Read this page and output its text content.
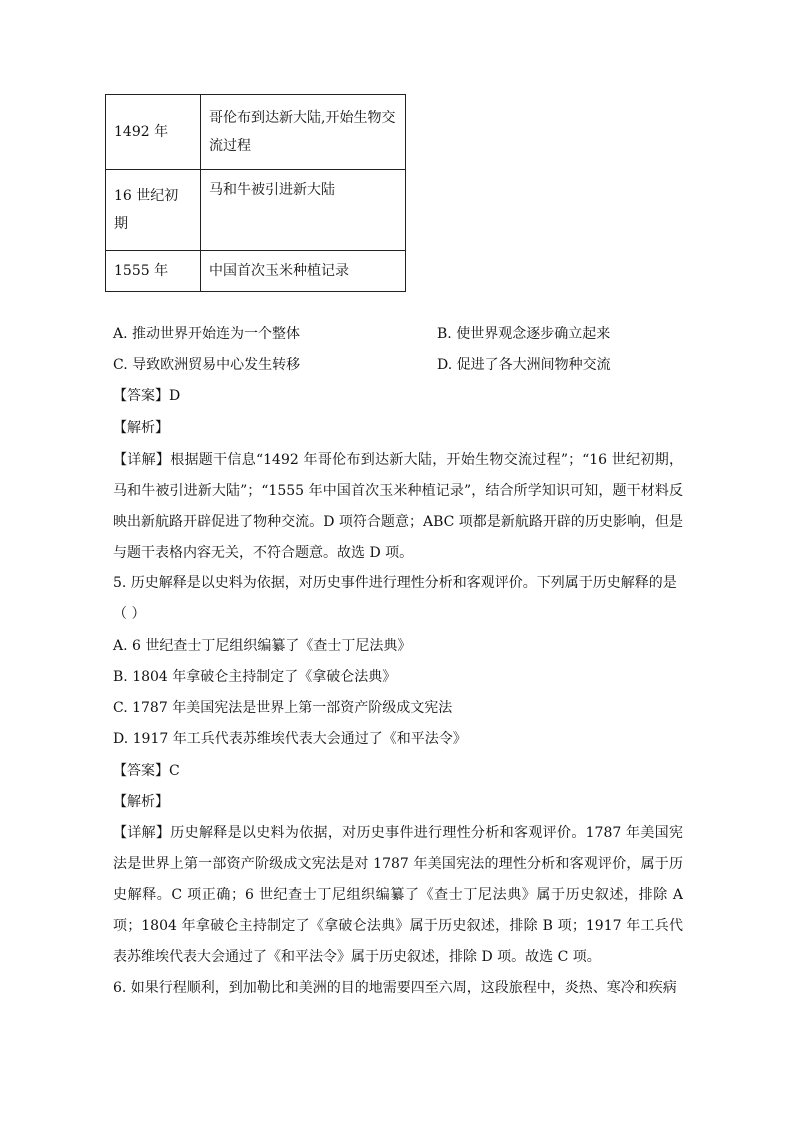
1492 年	哥伦布到达新大陆,开始生物交流过程
16 世纪初期	马和牛被引进新大陆
1555 年	中国首次玉米种植记录
A. 推动世界开始连为一个整体	B. 使世界观念逐步确立起来
C. 导致欧洲贸易中心发生转移	D. 促进了各大洲间物种交流
【答案】D
【解析】
【详解】根据题干信息“1492 年哥伦布到达新大陆，开始生物交流过程”；“16 世纪初期，马和牛被引进新大陆”；“1555 年中国首次玉米种植记录”，结合所学知识可知，题干材料反映出新航路开辟促进了物种交流。D 项符合题意；ABC 项都是新航路开辟的历史影响，但是与题干表格内容无关，不符合题意。故选 D 项。
5. 历史解释是以史料为依据，对历史事件进行理性分析和客观评价。下列属于历史解释的是
（ ）
A. 6 世纪查士丁尼组织编纂了《查士丁尼法典》
B. 1804 年拿破仑主持制定了《拿破仑法典》
C. 1787 年美国宪法是世界上第一部资产阶级成文宪法
D. 1917 年工兵代表苏维埃代表大会通过了《和平法令》
【答案】C
【解析】
【详解】历史解释是以史料为依据，对历史事件进行理性分析和客观评价。1787 年美国宪法是世界上第一部资产阶级成文宪法是对 1787 年美国宪法的理性分析和客观评价，属于历史解释。C 项正确；6 世纪查士丁尼组织编纂了《查士丁尼法典》属于历史叙述，排除 A 项；1804 年拿破仑主持制定了《拿破仑法典》属于历史叙述，排除 B 项；1917 年工兵代表苏维埃代表大会通过了《和平法令》属于历史叙述，排除 D 项。故选 C 项。
6. 如果行程顺利，到加勒比和美洲的目的地需要四至六周，这段旅程中，炎热、寒冷和疾病
